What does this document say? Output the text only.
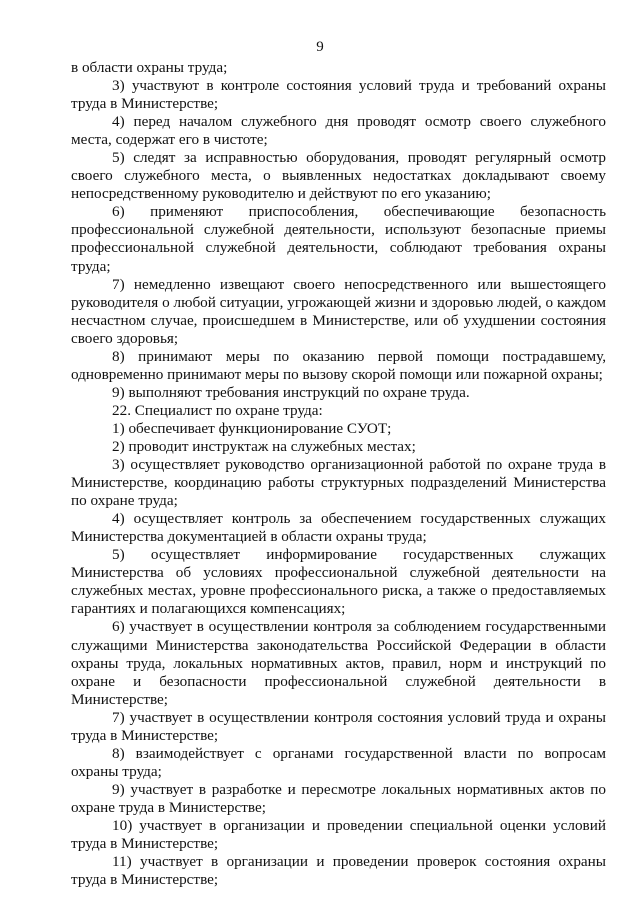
9

в области охраны труда;

3) участвуют в контроле состояния условий труда и требований охраны труда в Министерстве;

4) перед началом служебного дня проводят осмотр своего служебного места, содержат его в чистоте;

5) следят за исправностью оборудования, проводят регулярный осмотр своего служебного места, о выявленных недостатках докладывают своему непосредственному руководителю и действуют по его указанию;

6) применяют приспособления, обеспечивающие безопасность профессиональной служебной деятельности, используют безопасные приемы профессиональной служебной деятельности, соблюдают требования охраны труда;

7) немедленно извещают своего непосредственного или вышестоящего руководителя о любой ситуации, угрожающей жизни и здоровью людей, о каждом несчастном случае, происшедшем в Министерстве, или об ухудшении состояния своего здоровья;

8) принимают меры по оказанию первой помощи пострадавшему, одновременно принимают меры по вызову скорой помощи или пожарной охраны;

9) выполняют требования инструкций по охране труда.

22. Специалист по охране труда:

1) обеспечивает функционирование СУОТ;

2) проводит инструктаж на служебных местах;

3) осуществляет руководство организационной работой по охране труда в Министерстве, координацию работы структурных подразделений Министерства по охране труда;

4) осуществляет контроль за обеспечением государственных служащих Министерства документацией в области охраны труда;

5) осуществляет информирование государственных служащих Министерства об условиях профессиональной служебной деятельности на служебных местах, уровне профессионального риска, а также о предоставляемых гарантиях и полагающихся компенсациях;

6) участвует в осуществлении контроля за соблюдением государственными служащими Министерства законодательства Российской Федерации в области охраны труда, локальных нормативных актов, правил, норм и инструкций по охране и безопасности профессиональной служебной деятельности в Министерстве;

7) участвует в осуществлении контроля состояния условий труда и охраны труда в Министерстве;

8) взаимодействует с органами государственной власти по вопросам охраны труда;

9) участвует в разработке и пересмотре локальных нормативных актов по охране труда в Министерстве;

10) участвует в организации и проведении специальной оценки условий труда в Министерстве;

11) участвует в организации и проведении проверок состояния охраны труда в Министерстве;
